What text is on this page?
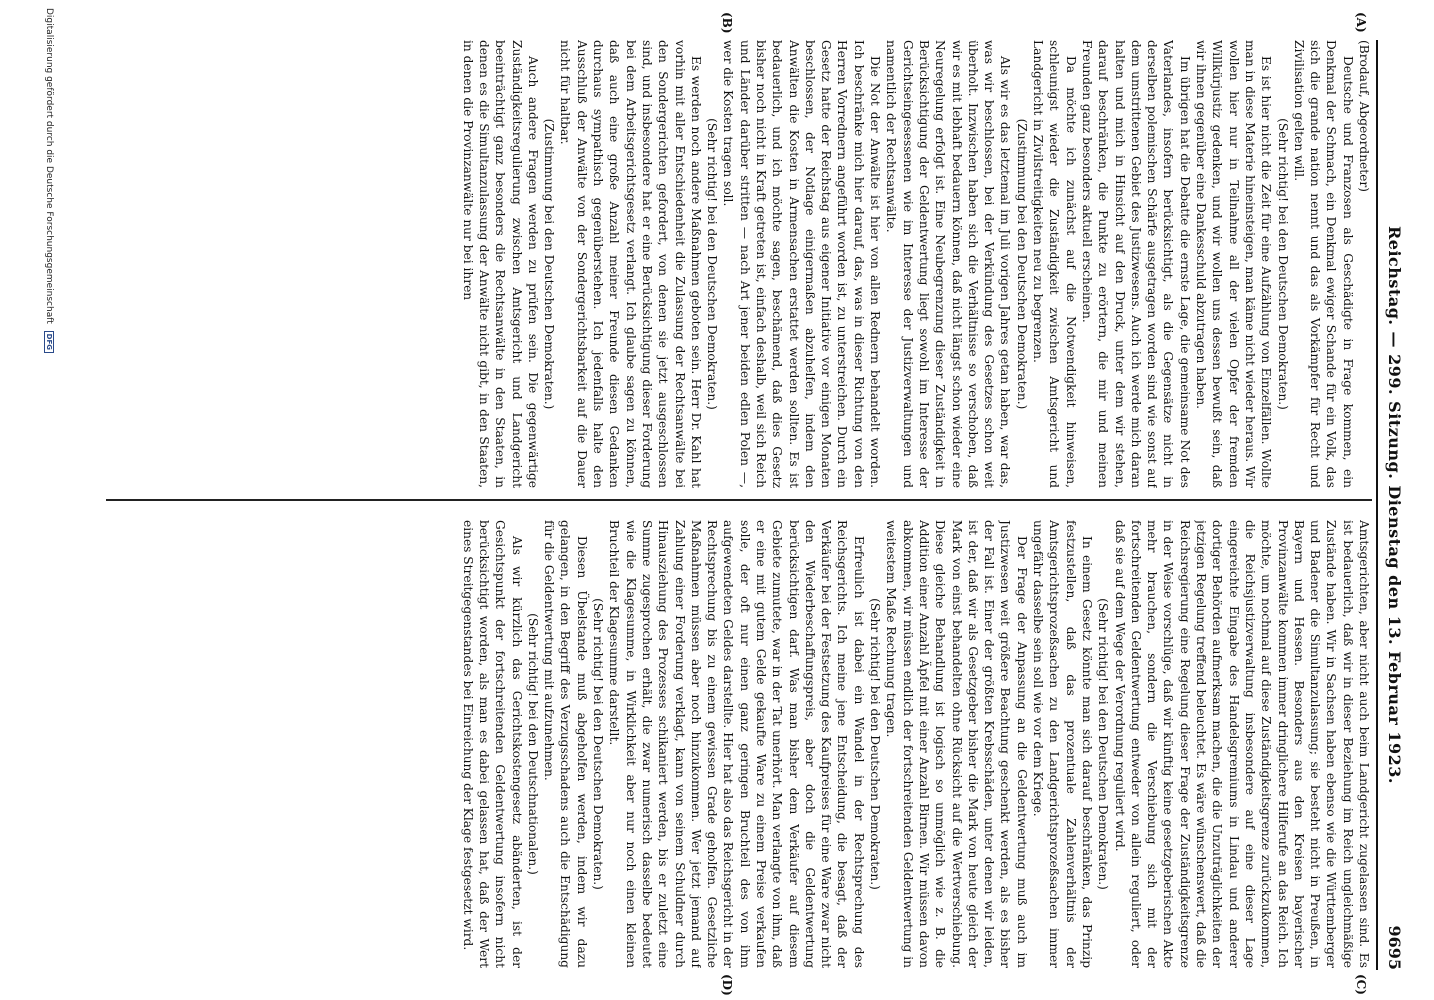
Reichstag. — 299. Sitzung. Dienstag den 13. Februar 1923.
9695
(A)
(B)
(C)
(D)

(Brodauf, Abgeordneter)

Deutsche und Franzosen als Geschädigte in Frage kommen, ein Denkmal der Schmach, ein Denkmal ewiger Schande für ein Volk, das sich die grande nation nennt und das als Vorkämpfer für Recht und Zivilisation gelten will.

(Sehr richtig! bei den Deutschen Demokraten.)

Es ist hier nicht die Zeit für eine Aufzählung von Einzelfällen. Wollte man in diese Materie hineinsteigen, man käme nicht wieder heraus. Wir wollen hier nur in Teilnahme all der vielen Opfer der fremden Willkürjustiz gedenken, und wir wollen uns dessen bewußt sein, daß wir ihnen gegenüber eine Dankesschuld abzutragen haben.

Im übrigen hat die Debatte die ernste Lage, die gemeinsame Not des Vaterlandes, insofern berücksichtigt, als die Gegensätze nicht in derselben polemischen Schärfe ausgetragen worden sind wie sonst auf dem umstrittenen Gebiet des Justizwesens. Auch ich werde mich daran halten und mich in Hinsicht auf den Druck, unter dem wir stehen, darauf beschränken, die Punkte zu erörtern, die mir und meinen Freunden ganz besonders aktuell erscheinen.

Da möchte ich zunächst auf die Notwendigkeit hinweisen, schleunigst wieder die Zuständigkeit zwischen Amtsgericht und Landgericht in Zivilstreitigkeiten neu zu begrenzen.

(Zustimmung bei den Deutschen Demokraten.)

Als wir es das letztemal im Juli vorigen Jahres getan haben, war das, was wir beschlossen, bei der Verkündung des Gesetzes schon weit überholt. Inzwischen haben sich die Verhältnisse so verschoben, daß wir es mit lebhaft bedauern können, daß nicht längst schon wieder eine Neuregelung erfolgt ist. Eine Neubegrenzung dieser Zuständigkeit in Berücksichtigung der Geldentwertung liegt sowohl im Interesse der Gerichtseingesessenen wie im Interesse der Justizverwaltungen und namentlich der Rechtsanwälte.

Die Not der Anwälte ist hier von allen Rednern behandelt worden. Ich beschränke mich hier darauf, das, was in dieser Richtung von den Herren Vorrednern angeführt worden ist, zu unterstreichen. Durch ein Gesetz hatte der Reichstag aus eigener Initiative vor einigen Monaten beschlossen, der Notlage einigermaßen abzuhelfen, indem den Anwälten die Kosten in Armensachen erstattet werden sollten. Es ist bedauerlich, und ich möchte sagen, beschämend, daß dies Gesetz bisher noch nicht in Kraft getreten ist, einfach deshalb, weil sich Reich und Länder darüber stritten — nach Art jener beiden edlen Polen —, wer die Kosten tragen soll.

(Sehr richtig! bei den Deutschen Demokraten.)

Es werden noch andere Maßnahmen geboten sein. Herr Dr. Kahl hat vorhin mit aller Entschiedenheit die Zulassung der Rechtsanwälte bei den Sondergerichten gefordert, von denen sie jetzt ausgeschlossen sind, und insbesondere hat er eine Berücksichtigung dieser Forderung bei dem Arbeitsgerichtsgesetz verlangt. Ich glaube sagen zu können, daß auch eine große Anzahl meiner Freunde diesen Gedanken durchaus sympathisch gegenüberstehen. Ich jedenfalls halte den Ausschluß der Anwälte von der Sondergerichtsbarkeit auf die Dauer nicht für haltbar.

(Zustimmung bei den Deutschen Demokraten.)

Auch andere Fragen werden zu prüfen sein. Die gegenwärtige Zuständigkeitsregulierung zwischen Amtsgericht und Landgericht beeinträchtigt ganz besonders die Rechtsanwälte in den Staaten, in denen es die Simultanzulassung der Anwälte nicht gibt, in den Staaten, in denen die Provinzanwälte nur bei ihren

Amtsgerichten, aber nicht auch beim Landgericht zugelassen sind. Es ist bedauerlich, daß wir in dieser Beziehung im Reich ungleichmäßige Zustände haben. Wir in Sachsen haben ebenso wie die Württemberger und Badener die Simultanzulassung; sie besteht nicht in Preußen, in Bayern und Hessen. Besonders aus den Kreisen bayerischer Provinzanwälte kommen immer dringlichere Hilferufe an das Reich. Ich möchte, um nochmal auf diese Zuständigkeitsgrenze zurückzukommen, die Reichsjustizverwaltung insbesondere auf eine dieser Lage eingereichte Eingabe des Handelsgremiums in Lindau und anderer dortiger Behörden aufmerksam machen, die die Unzuträglichkeiten der jetzigen Regelung treffend beleuchtet. Es wäre wünschenswert, daß die Reichsregierung eine Regelung dieser Frage der Zuständigkeitsgrenze in der Weise vorschlüge, daß wir künftig keine gesetzgeberischen Akte mehr brauchen, sondern die Verschiebung sich mit der fortschreitenden Geldentwertung entweder von allein reguliert, oder daß sie auf dem Wege der Verordnung reguliert wird.

(Sehr richtig! bei den Deutschen Demokraten.)

In einem Gesetz könnte man sich darauf beschränken, das Prinzip festzustellen, daß das prozentuale Zahlenverhältnis der Amtsgerichtsprozeßsachen zu den Landgerichtsprozeßsachen immer ungefähr dasselbe sein soll wie vor dem Kriege.

Der Frage der Anpassung an die Geldentwertung muß auch im Justizwesen weit größere Beachtung geschenkt werden, als es bisher der Fall ist. Einer der größten Krebsschäden, unter denen wir leiden, ist der, daß wir als Gesetzgeber bisher die Mark von heute gleich der Mark von einst behandelten ohne Rücksicht auf die Wertverschiebung. Diese gleiche Behandlung ist logisch so unmöglich wie z. B. die Addition einer Anzahl Äpfel mit einer Anzahl Birnen. Wir müssen davon abkommen, wir müssen endlich der fortschreitenden Geldentwertung in weitestem Maße Rechnung tragen.

(Sehr richtig! bei den Deutschen Demokraten.)

Erfreulich ist dabei ein Wandel in der Rechtsprechung des Reichsgerichts. Ich meine jene Entscheidung, die besagt, daß der Verkäufer bei der Festsetzung des Kaufpreises für eine Ware zwar nicht den Wiederbeschaffungspreis, aber doch die Geldentwertung berücksichtigen darf. Was man bisher dem Verkäufer auf diesem Gebiete zumutete, war in der Tat unerhört. Man verlangte von ihm, daß er eine mit gutem Gelde gekaufte Ware zu einem Preise verkaufen solle, der oft nur einen ganz geringen Bruchteil des von ihm aufgewendeten Geldes darstellte. Hier hat also das Reichsgericht in der Rechtsprechung bis zu einem gewissen Grade geholfen. Gesetzliche Maßnahmen müssen aber noch hinzukommen. Wer jetzt jemand auf Zahlung einer Forderung verklagt, kann von seinem Schuldner durch Hinausziehung des Prozesses schikaniert werden, bis er zuletzt eine Summe zugesprochen erhält, die zwar numerisch dasselbe bedeutet wie die Klagesumme, in Wirklichkeit aber nur noch einen kleinen Bruchteil der Klagesumme darstellt.

(Sehr richtig! bei den Deutschen Demokraten.)

Diesen Übelstande muß abgeholfen werden, indem wir dazu gelangen, in den Begriff des Verzugsschadens auch die Entschädigung für die Geldentwertung mit aufzunehmen.

(Sehr richtig! bei den Deutschnationalen.)

Als wir kürzlich das Gerichtskostengesetz abänderten, ist der Gesichtspunkt der fortschreitenden Geldentwertung insofern nicht berücksichtigt worden, als man es dabei gelassen hat, daß der Wert eines Streitgegenstandes bei Einreichung der Klage festgesetzt wird.

Digitalisierung gefördert durch die Deutsche Forschungsgemeinschaft DFG
